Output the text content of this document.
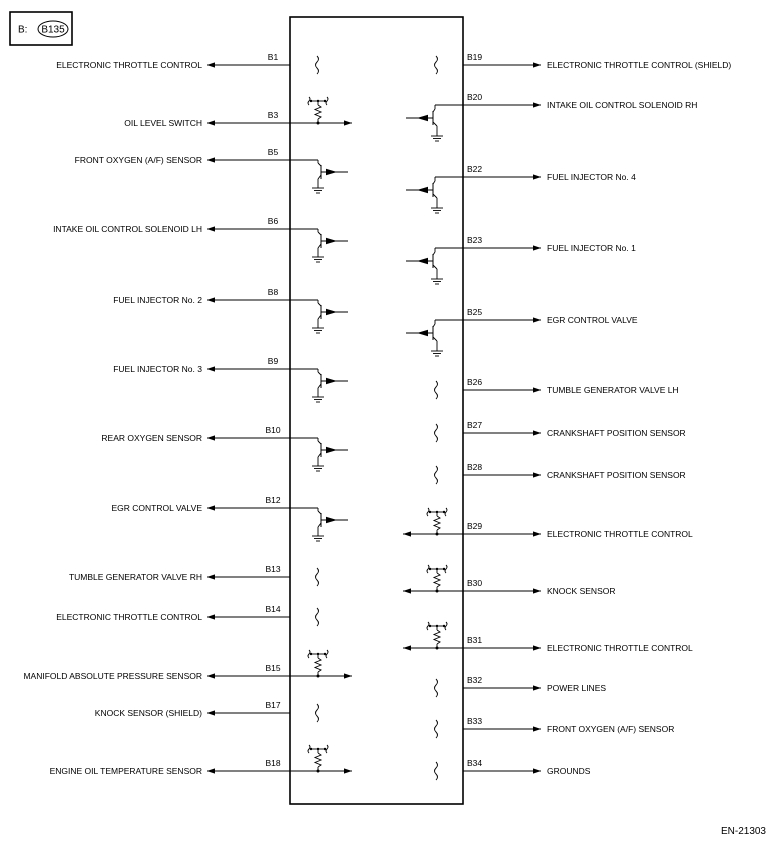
B: B135
ELECTRONIC THROTTLE CONTROL
B1
OIL LEVEL SWITCH
B3
FRONT OXYGEN (A/F) SENSOR
B5
INTAKE OIL CONTROL SOLENOID LH
B6
FUEL INJECTOR No. 2
B8
FUEL INJECTOR No. 3
B9
REAR OXYGEN SENSOR
B10
EGR CONTROL VALVE
B12
TUMBLE GENERATOR VALVE RH
B13
ELECTRONIC THROTTLE CONTROL
B14
MANIFOLD ABSOLUTE PRESSURE SENSOR
B15
KNOCK SENSOR (SHIELD)
B17
ENGINE OIL TEMPERATURE SENSOR
B18
ELECTRONIC THROTTLE CONTROL (SHIELD)
B19
INTAKE OIL CONTROL SOLENOID RH
B20
FUEL INJECTOR No. 4
B22
FUEL INJECTOR No. 1
B23
EGR CONTROL VALVE
B25
TUMBLE GENERATOR VALVE LH
B26
CRANKSHAFT POSITION SENSOR
B27
CRANKSHAFT POSITION SENSOR
B28
ELECTRONIC THROTTLE CONTROL
B29
KNOCK SENSOR
B30
ELECTRONIC THROTTLE CONTROL
B31
POWER LINES
B32
FRONT OXYGEN (A/F) SENSOR
B33
GROUNDS
B34
EN-21303
